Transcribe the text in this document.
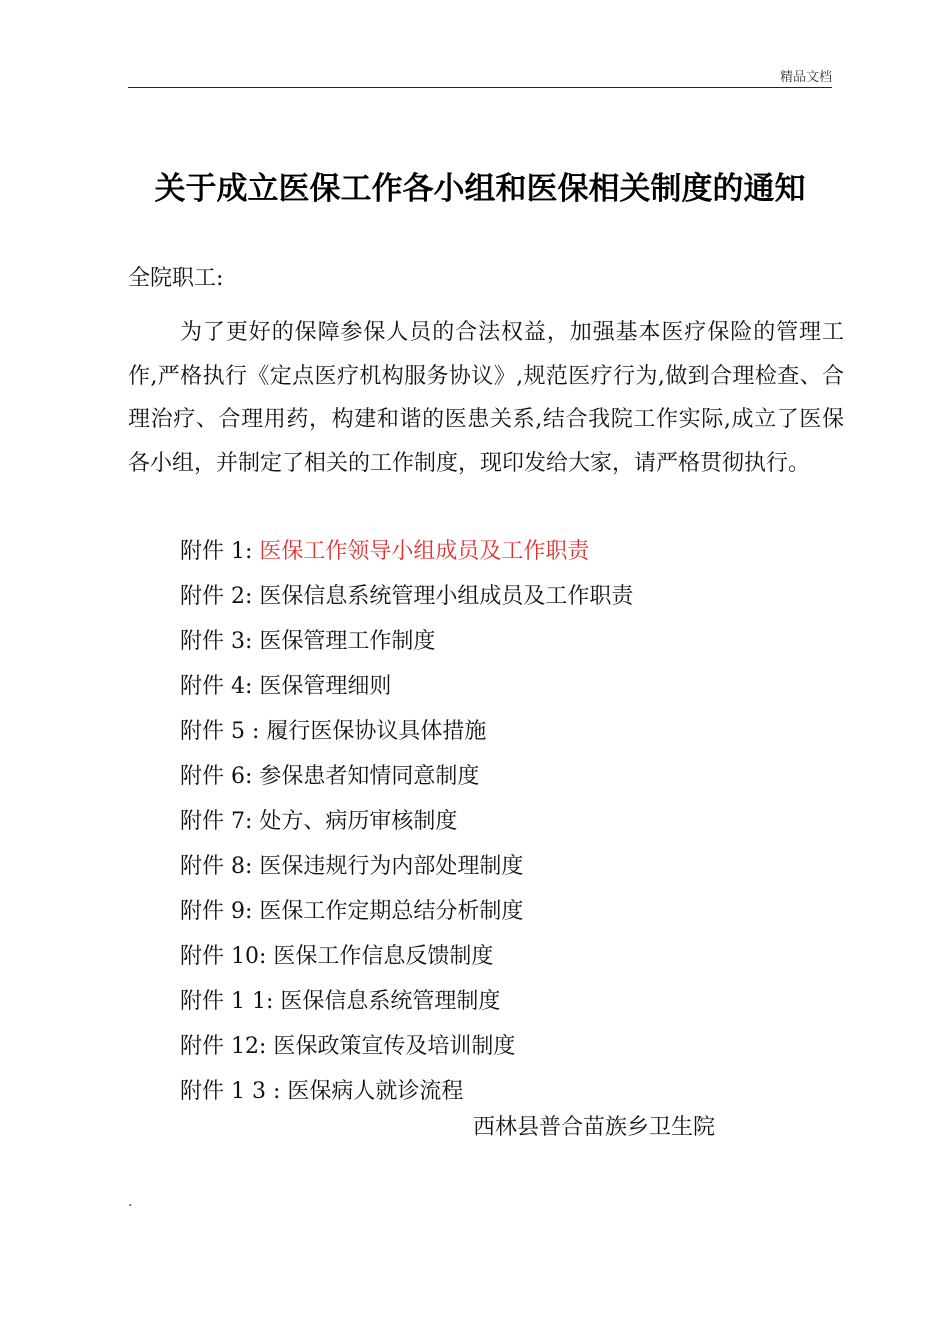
精品文档
关于成立医保工作各小组和医保相关制度的通知

全院职工:

为了更好的保障参保人员的合法权益，加强基本医疗保险的管理工作,严格执行《定点医疗机构服务协议》,规范医疗行为,做到合理检查、合理治疗、合理用药，构建和谐的医患关系,结合我院工作实际,成立了医保各小组，并制定了相关的工作制度，现印发给大家，请严格贯彻执行。

附件 1: 医保工作领导小组成员及工作职责
附件 2: 医保信息系统管理小组成员及工作职责
附件 3: 医保管理工作制度
附件 4: 医保管理细则
附件 5 : 履行医保协议具体措施
附件 6: 参保患者知情同意制度
附件 7: 处方、病历审核制度
附件 8: 医保违规行为内部处理制度
附件 9: 医保工作定期总结分析制度
附件 10: 医保工作信息反馈制度
附件 1 1: 医保信息系统管理制度
附件 12: 医保政策宣传及培训制度
附件 1 3 : 医保病人就诊流程

西林县普合苗族乡卫生院

.
